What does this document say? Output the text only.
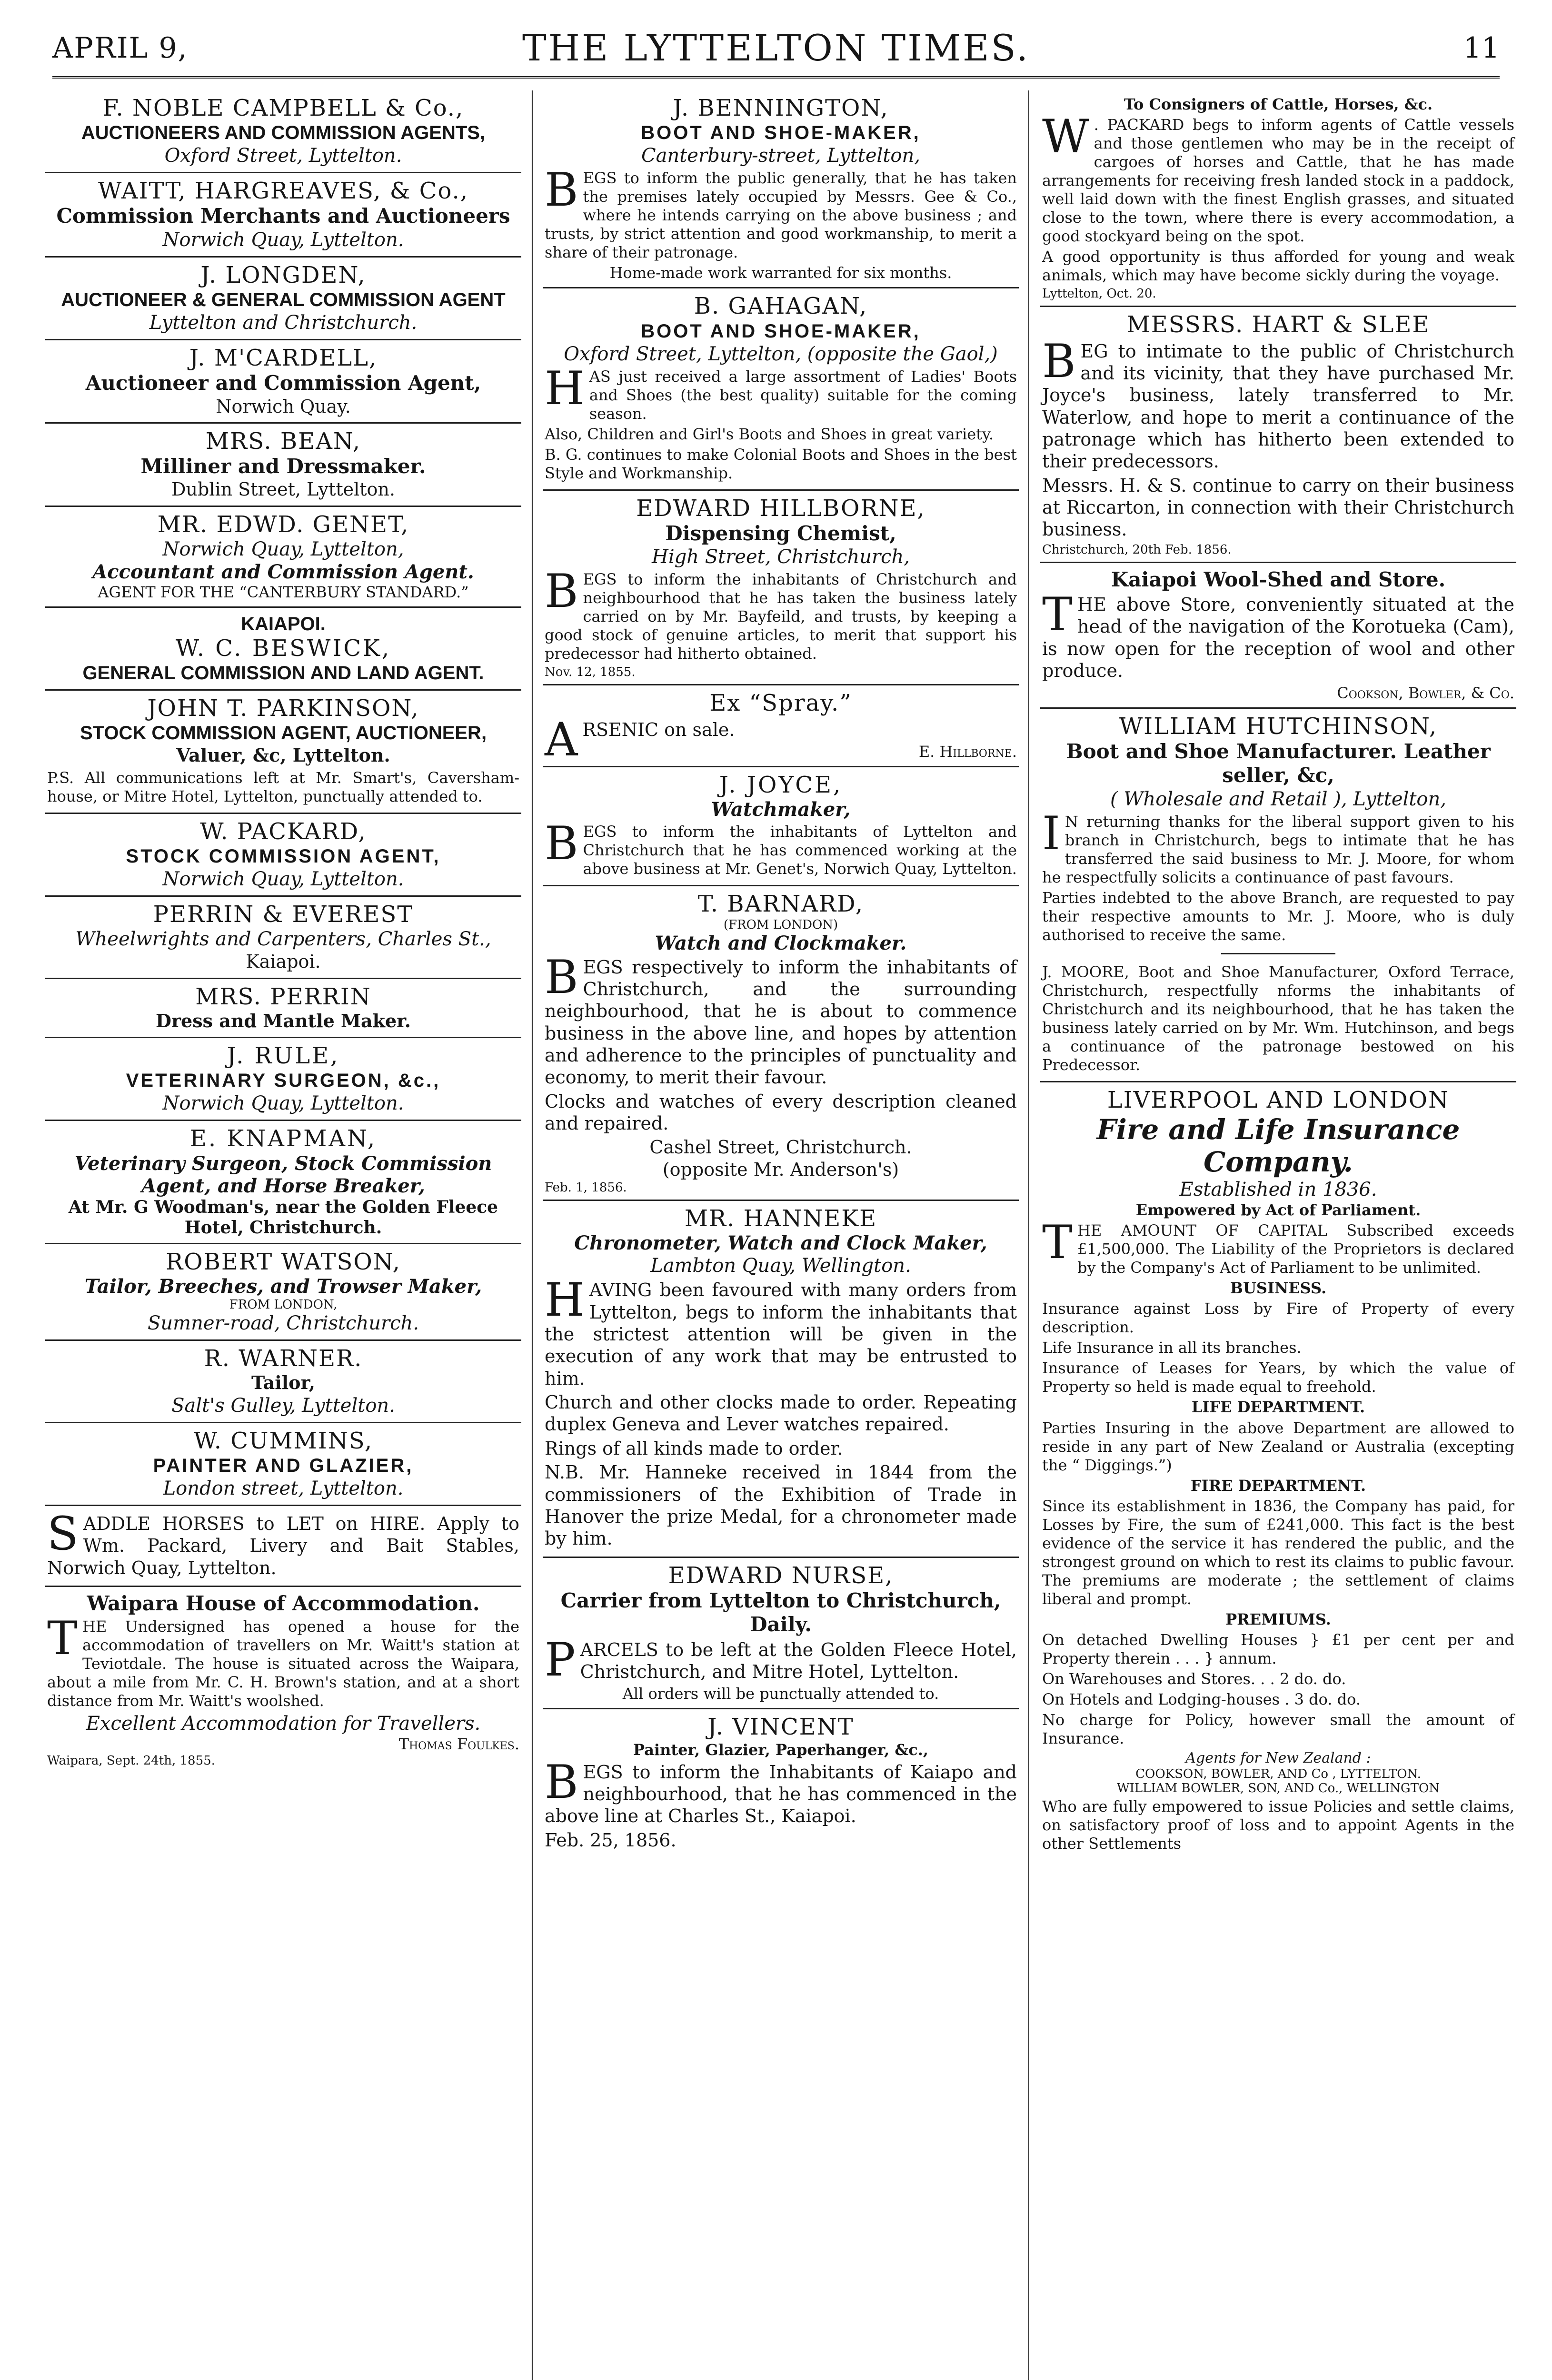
APRIL 9,	THE LYTTELTON TIMES.	11
F. NOBLE CAMPBELL & Co.,
AUCTIONEERS AND COMMISSION AGENTS,
Oxford Street, Lyttelton.
WAITT, HARGREAVES, & Co.,
Commission Merchants and Auctioneers
Norwich Quay, Lyttelton.
J. LONGDEN,
AUCTIONEER & GENERAL COMMISSION AGENT
Lyttelton and Christchurch.
J. M'CARDELL,
Auctioneer and Commission Agent,
Norwich Quay.
MRS. BEAN,
Milliner and Dressmaker.
Dublin Street, Lyttelton.
MR. EDWD. GENET,
Norwich Quay, Lyttelton,
Accountant and Commission Agent.
AGENT FOR THE “CANTERBURY STANDARD.”
KAIAPOI.
W. C. BESWICK,
GENERAL COMMISSION AND LAND AGENT.
JOHN T. PARKINSON,
STOCK COMMISSION AGENT, AUCTIONEER,
Valuer, &c, Lyttelton.

P.S. All communications left at Mr. Smart's, Caversham-house, or Mitre Hotel, Lyttelton, punctually attended to.

W. PACKARD,
STOCK COMMISSION AGENT,
Norwich Quay, Lyttelton.
PERRIN & EVEREST
Wheelwrights and Carpenters, Charles St.,
Kaiapoi.
MRS. PERRIN
Dress and Mantle Maker.
J. RULE,
VETERINARY SURGEON, &c.,
Norwich Quay, Lyttelton.
E. KNAPMAN,
Veterinary Surgeon, Stock Commission Agent, and Horse Breaker,
At Mr. G Woodman's, near the Golden Fleece Hotel, Christchurch.
ROBERT WATSON,
Tailor, Breeches, and Trowser Maker,
FROM LONDON,
Sumner-road, Christchurch.
R. WARNER.
Tailor,
Salt's Gulley, Lyttelton.
W. CUMMINS,
PAINTER AND GLAZIER,
London street, Lyttelton.

SADDLE HORSES to LET on HIRE. Apply to Wm. Packard, Livery and Bait Stables, Norwich Quay, Lyttelton.

Waipara House of Accommodation.

THE Undersigned has opened a house for the accommodation of travellers on Mr. Waitt's station at Teviotdale. The house is situated across the Waipara, about a mile from Mr. C. H. Brown's station, and at a short distance from Mr. Waitt's woolshed.

Excellent Accommodation for Travellers.
Thomas Foulkes.
Waipara, Sept. 24th, 1855.
J. BENNINGTON,
BOOT AND SHOE-MAKER,
Canterbury-street, Lyttelton,

BEGS to inform the public generally, that he has taken the premises lately occupied by Messrs. Gee & Co., where he intends carrying on the above business ; and trusts, by strict attention and good workmanship, to merit a share of their patronage.

Home-made work warranted for six months.
B. GAHAGAN,
BOOT AND SHOE-MAKER,
Oxford Street, Lyttelton, (opposite the Gaol,)

HAS just received a large assortment of Ladies' Boots and Shoes (the best quality) suitable for the coming season.

Also, Children and Girl's Boots and Shoes in great variety.

B. G. continues to make Colonial Boots and Shoes in the best Style and Workmanship.

EDWARD HILLBORNE,
Dispensing Chemist,
High Street, Christchurch,

BEGS to inform the inhabitants of Christchurch and neighbourhood that he has taken the business lately carried on by Mr. Bayfeild, and trusts, by keeping a good stock of genuine articles, to merit that support his predecessor had hitherto obtained.

Nov. 12, 1855.
Ex “Spray.”

ARSENIC on sale.

E. Hillborne.
J. JOYCE,
Watchmaker,

BEGS to inform the inhabitants of Lyttelton and Christchurch that he has commenced working at the above business at Mr. Genet's, Norwich Quay, Lyttelton.

T. BARNARD,
(FROM LONDON)
Watch and Clockmaker.

BEGS respectively to inform the inhabitants of Christchurch, and the surrounding neighbourhood, that he is about to commence business in the above line, and hopes by attention and adherence to the principles of punctuality and economy, to merit their favour.

Clocks and watches of every description cleaned and repaired.

Cashel Street, Christchurch.
(opposite Mr. Anderson's)
Feb. 1, 1856.
MR. HANNEKE
Chronometer, Watch and Clock Maker,
Lambton Quay, Wellington.

HAVING been favoured with many orders from Lyttelton, begs to inform the inhabitants that the strictest attention will be given in the execution of any work that may be entrusted to him.

Church and other clocks made to order. Repeating duplex Geneva and Lever watches repaired.

Rings of all kinds made to order.

N.B. Mr. Hanneke received in 1844 from the commissioners of the Exhibition of Trade in Hanover the prize Medal, for a chronometer made by him.

EDWARD NURSE,
Carrier from Lyttelton to Christchurch, Daily.

PARCELS to be left at the Golden Fleece Hotel, Christchurch, and Mitre Hotel, Lyttelton.

All orders will be punctually attended to.
J. VINCENT
Painter, Glazier, Paperhanger, &c.,

BEGS to inform the Inhabitants of Kaiapo and neighbourhood, that he has commenced in the above line at Charles St., Kaiapoi.

Feb. 25, 1856.
To Consigners of Cattle, Horses, &c.

W . PACKARD begs to inform agents of Cattle vessels and those gentlemen who may be in the receipt of cargoes of horses and Cattle, that he has made arrangements for receiving fresh landed stock in a paddock, well laid down with the finest English grasses, and situated close to the town, where there is every accommodation, a good stockyard being on the spot.

A good opportunity is thus afforded for young and weak animals, which may have become sickly during the voyage.

Lyttelton, Oct. 20.
MESSRS. HART & SLEE

BEG to intimate to the public of Christchurch and its vicinity, that they have purchased Mr. Joyce's business, lately transferred to Mr. Waterlow, and hope to merit a continuance of the patronage which has hitherto been extended to their predecessors.

Messrs. H. & S. continue to carry on their business at Riccarton, in connection with their Christchurch business.

Christchurch, 20th Feb. 1856.
Kaiapoi Wool-Shed and Store.

THE above Store, conveniently situated at the head of the navigation of the Korotueka (Cam), is now open for the reception of wool and other produce.

Cookson, Bowler, & Co.
WILLIAM HUTCHINSON,
Boot and Shoe Manufacturer. Leather seller, &c,
( Wholesale and Retail ), Lyttelton,

I N returning thanks for the liberal support given to his branch in Christchurch, begs to intimate that he has transferred the said business to Mr. J. Moore, for whom he respectfully solicits a continuance of past favours.

Parties indebted to the above Branch, are requested to pay their respective amounts to Mr. J. Moore, who is duly authorised to receive the same.

J. MOORE, Boot and Shoe Manufacturer, Oxford Terrace, Christchurch, respectfully nforms the inhabitants of Christchurch and its neighbourhood, that he has taken the business lately carried on by Mr. Wm. Hutchinson, and begs a continuance of the patronage bestowed on his Predecessor.

LIVERPOOL AND LONDON
Fire and Life Insurance Company.
Established in 1836.
Empowered by Act of Parliament.

THE AMOUNT OF CAPITAL Subscribed exceeds £1,500,000. The Liability of the Proprietors is declared by the Company's Act of Parliament to be unlimited.

BUSINESS.

Insurance against Loss by Fire of Property of every description.

Life Insurance in all its branches.

Insurance of Leases for Years, by which the value of Property so held is made equal to freehold.

LIFE DEPARTMENT.

Parties Insuring in the above Department are allowed to reside in any part of New Zealand or Australia (excepting the “ Diggings.”)

FIRE DEPARTMENT.

Since its establishment in 1836, the Company has paid, for Losses by Fire, the sum of £241,000. This fact is the best evidence of the service it has rendered the public, and the strongest ground on which to rest its claims to public favour. The premiums are moderate ; the settlement of claims liberal and prompt.

PREMIUMS.

On detached Dwelling Houses } £1 per cent per and Property therein . . . } annum.

On Warehouses and Stores. . . 2 do. do.

On Hotels and Lodging-houses . 3 do. do.

No charge for Policy, however small the amount of Insurance.

Agents for New Zealand :
COOKSON, BOWLER, AND Co , LYTTELTON.
WILLIAM BOWLER, SON, AND Co., WELLINGTON

Who are fully empowered to issue Policies and settle claims, on satisfactory proof of loss and to appoint Agents in the other Settlements
